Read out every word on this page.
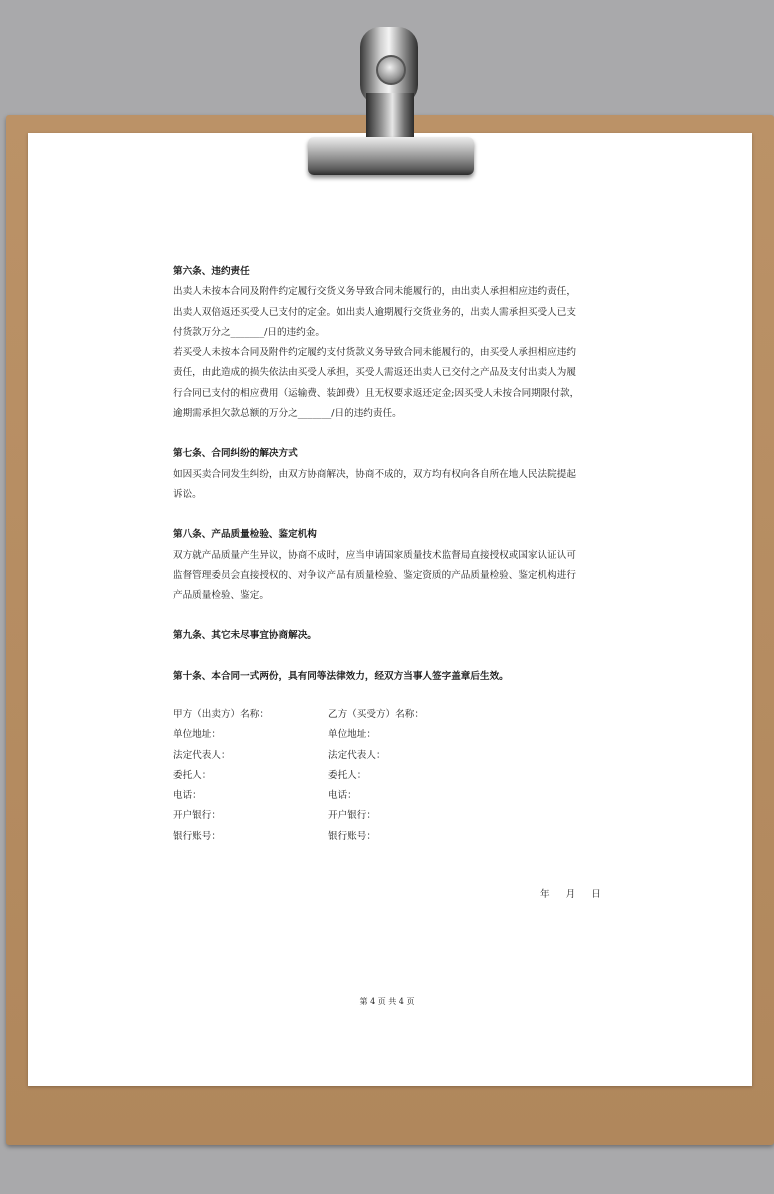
第六条、违约责任

出卖人未按本合同及附件约定履行交货义务导致合同未能履行的，由出卖人承担相应违约责任，

出卖人双倍返还买受人已支付的定金。如出卖人逾期履行交货业务的，出卖人需承担买受人已支

付货款万分之_______/日的违约金。

若买受人未按本合同及附件约定履约支付货款义务导致合同未能履行的，由买受人承担相应违约

责任，由此造成的损失依法由买受人承担，买受人需返还出卖人已交付之产品及支付出卖人为履

行合同已支付的相应费用（运输费、装卸费）且无权要求返还定金;因买受人未按合同期限付款，

逾期需承担欠款总额的万分之_______/日的违约责任。

第七条、合同纠纷的解决方式

如因买卖合同发生纠纷，由双方协商解决，协商不成的，双方均有权向各自所在地人民法院提起

诉讼。

第八条、产品质量检验、鉴定机构

双方就产品质量产生异议，协商不成时，应当申请国家质量技术监督局直接授权或国家认证认可

监督管理委员会直接授权的、对争议产品有质量检验、鉴定资质的产品质量检验、鉴定机构进行

产品质量检验、鉴定。

第九条、其它未尽事宜协商解决。

第十条、本合同一式两份，具有同等法律效力，经双方当事人签字盖章后生效。

甲方（出卖方）名称：	乙方（买受方）名称：
单位地址：	单位地址：
法定代表人：	法定代表人：
委托人：	委托人：
电话：	电话：
开户银行：	开户银行：
银行账号：	银行账号：
年 月 日
第 4 页 共 4 页
